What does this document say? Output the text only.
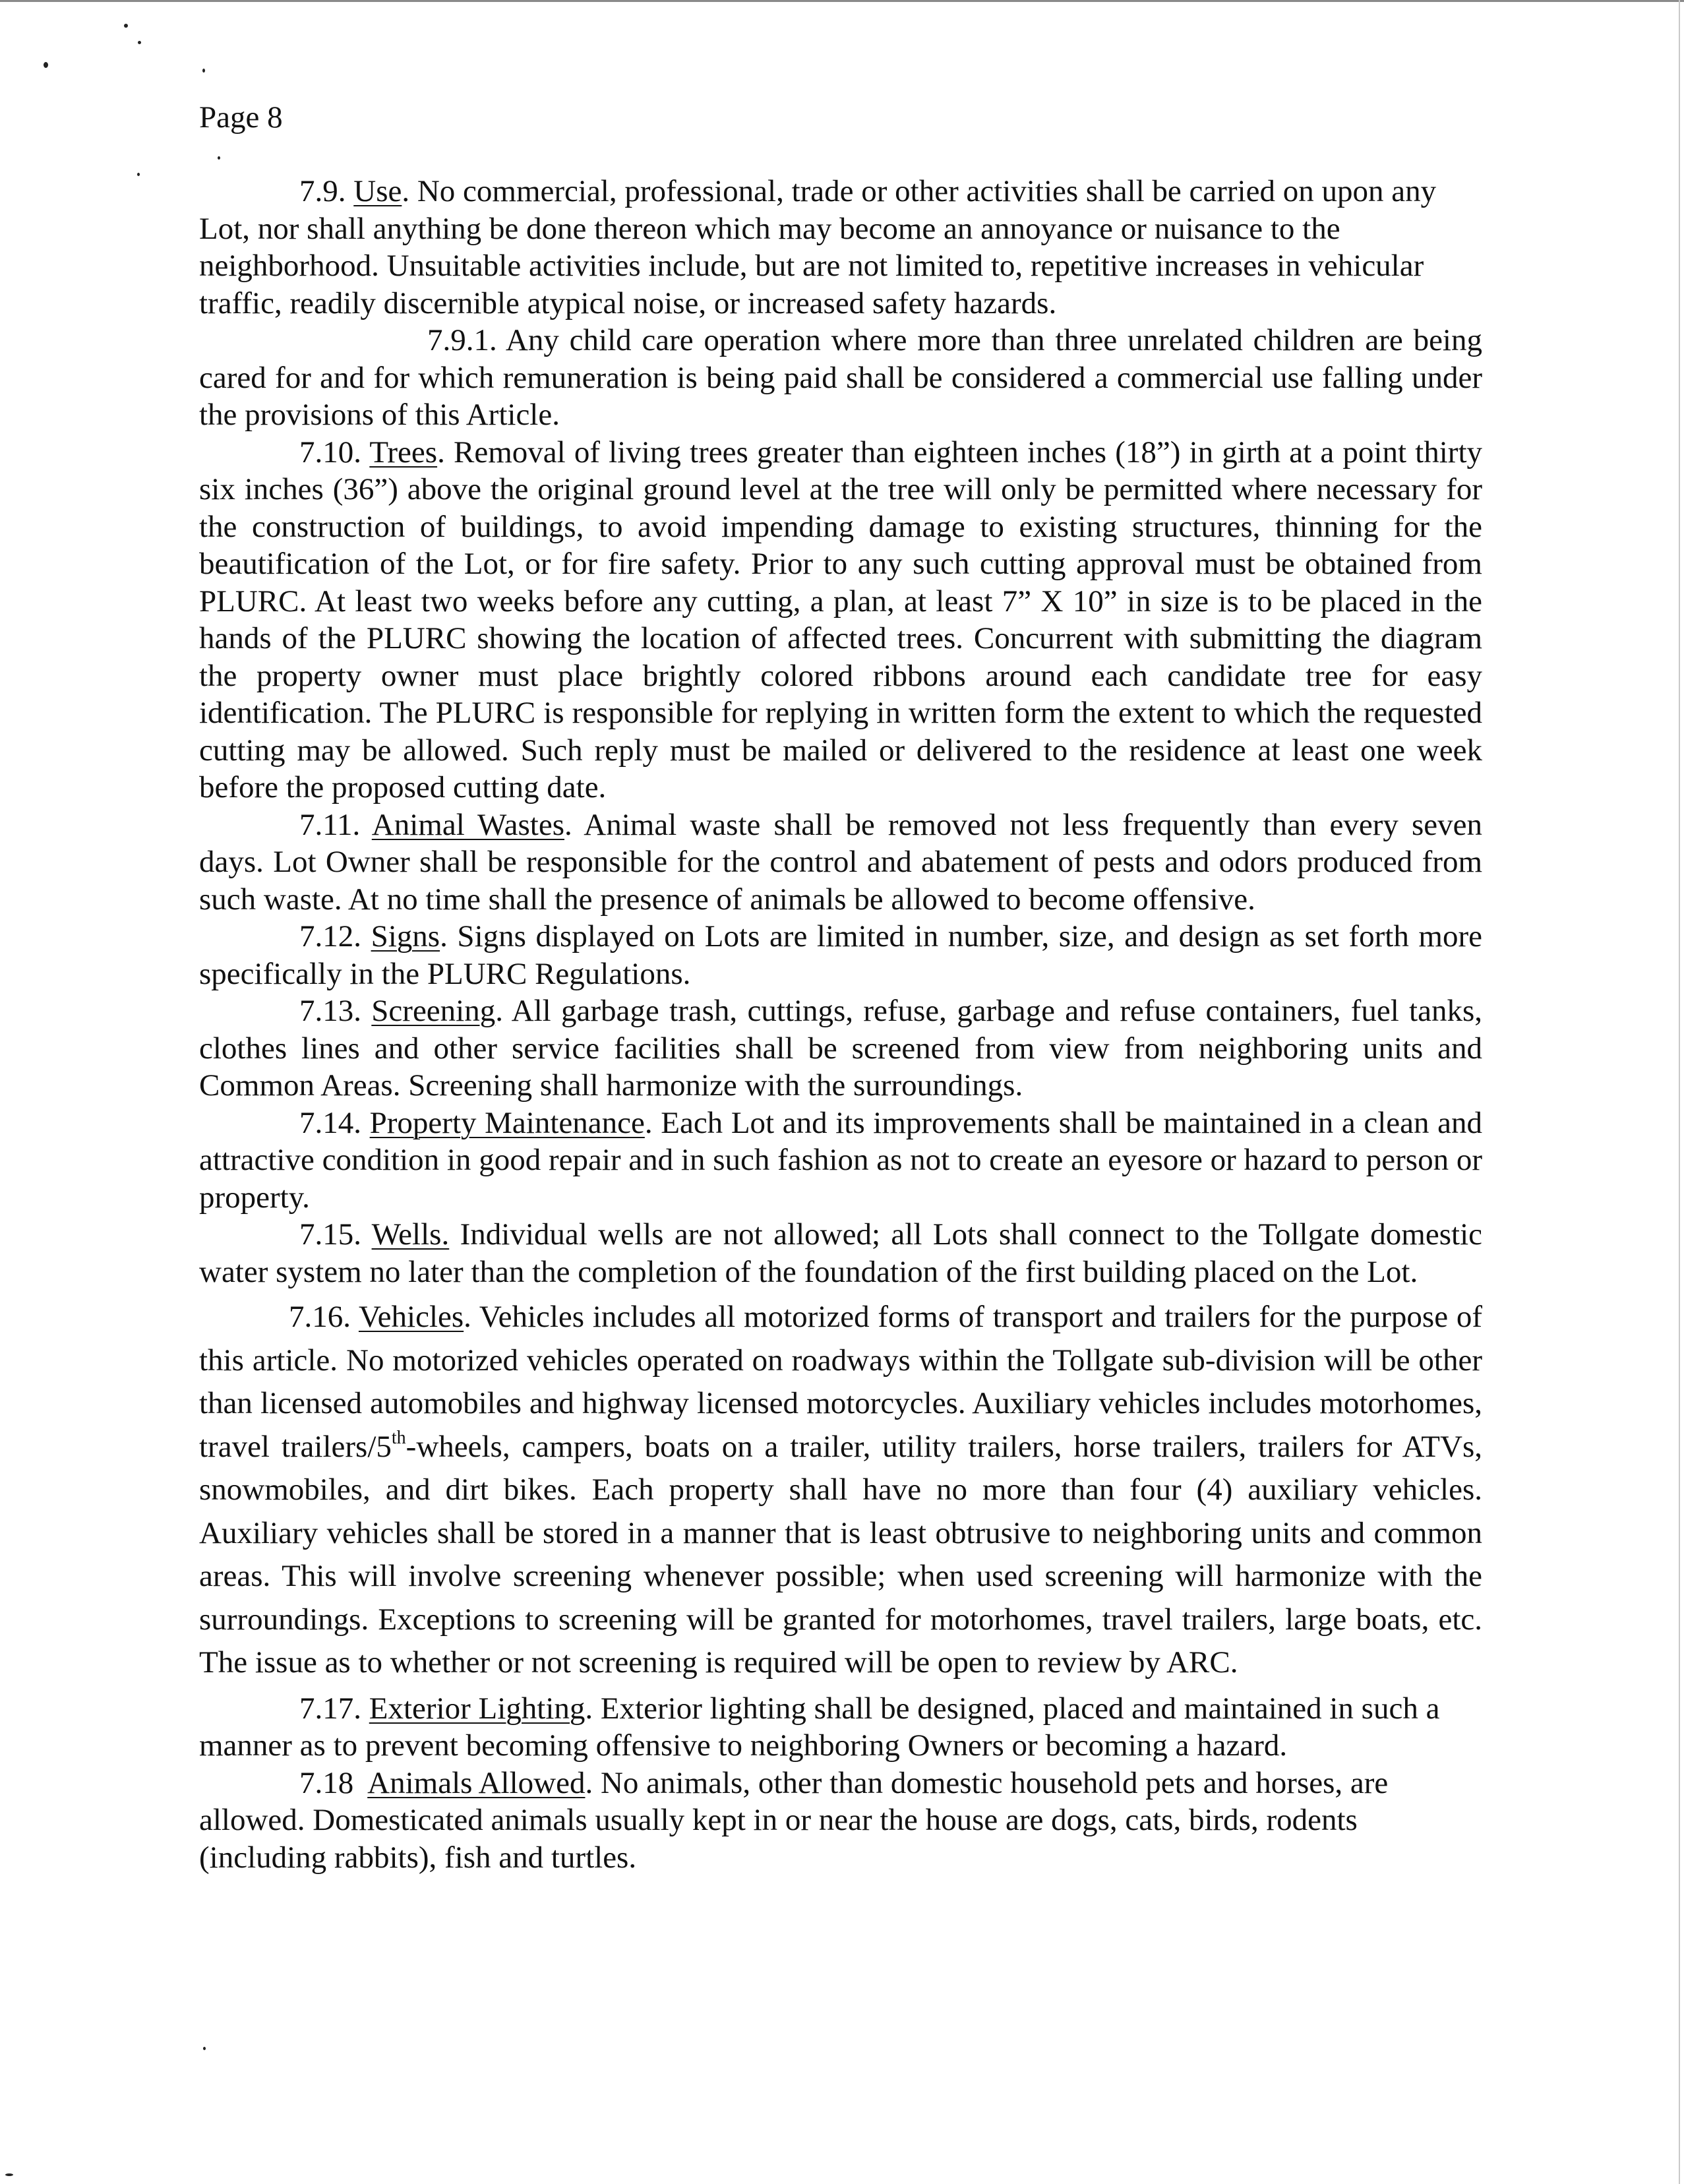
Page 8

7.9. Use. No commercial, professional, trade or other activities shall be carried on upon any Lot, nor shall anything be done thereon which may become an annoyance or nuisance to the neighborhood. Unsuitable activities include, but are not limited to, repetitive increases in vehicular traffic, readily discernible atypical noise, or increased safety hazards.

7.9.1. Any child care operation where more than three unrelated children are being cared for and for which remuneration is being paid shall be considered a commercial use falling under the provisions of this Article.

7.10. Trees. Removal of living trees greater than eighteen inches (18”) in girth at a point thirty six inches (36”) above the original ground level at the tree will only be permitted where necessary for the construction of buildings, to avoid impending damage to existing structures, thinning for the beautification of the Lot, or for fire safety. Prior to any such cutting approval must be obtained from PLURC. At least two weeks before any cutting, a plan, at least 7” X 10” in size is to be placed in the hands of the PLURC showing the location of affected trees. Concurrent with submitting the diagram the property owner must place brightly colored ribbons around each candidate tree for easy identification. The PLURC is responsible for replying in written form the extent to which the requested cutting may be allowed. Such reply must be mailed or delivered to the residence at least one week before the proposed cutting date.

7.11. Animal Wastes. Animal waste shall be removed not less frequently than every seven days. Lot Owner shall be responsible for the control and abatement of pests and odors produced from such waste. At no time shall the presence of animals be allowed to become offensive.

7.12. Signs. Signs displayed on Lots are limited in number, size, and design as set forth more specifically in the PLURC Regulations.

7.13. Screening. All garbage trash, cuttings, refuse, garbage and refuse containers, fuel tanks, clothes lines and other service facilities shall be screened from view from neighboring units and Common Areas. Screening shall harmonize with the surroundings.

7.14. Property Maintenance. Each Lot and its improvements shall be maintained in a clean and attractive condition in good repair and in such fashion as not to create an eyesore or hazard to person or property.

7.15. Wells. Individual wells are not allowed; all Lots shall connect to the Tollgate domestic water system no later than the completion of the foundation of the first building placed on the Lot.

7.16. Vehicles. Vehicles includes all motorized forms of transport and trailers for the purpose of this article. No motorized vehicles operated on roadways within the Tollgate sub-division will be other than licensed automobiles and highway licensed motorcycles. Auxiliary vehicles includes motorhomes, travel trailers/5th-wheels, campers, boats on a trailer, utility trailers, horse trailers, trailers for ATVs, snowmobiles, and dirt bikes. Each property shall have no more than four (4) auxiliary vehicles. Auxiliary vehicles shall be stored in a manner that is least obtrusive to neighboring units and common areas. This will involve screening whenever possible; when used screening will harmonize with the surroundings. Exceptions to screening will be granted for motorhomes, travel trailers, large boats, etc. The issue as to whether or not screening is required will be open to review by ARC.

7.17. Exterior Lighting. Exterior lighting shall be designed, placed and maintained in such a manner as to prevent becoming offensive to neighboring Owners or becoming a hazard.

7.18 Animals Allowed. No animals, other than domestic household pets and horses, are allowed. Domesticated animals usually kept in or near the house are dogs, cats, birds, rodents (including rabbits), fish and turtles.
